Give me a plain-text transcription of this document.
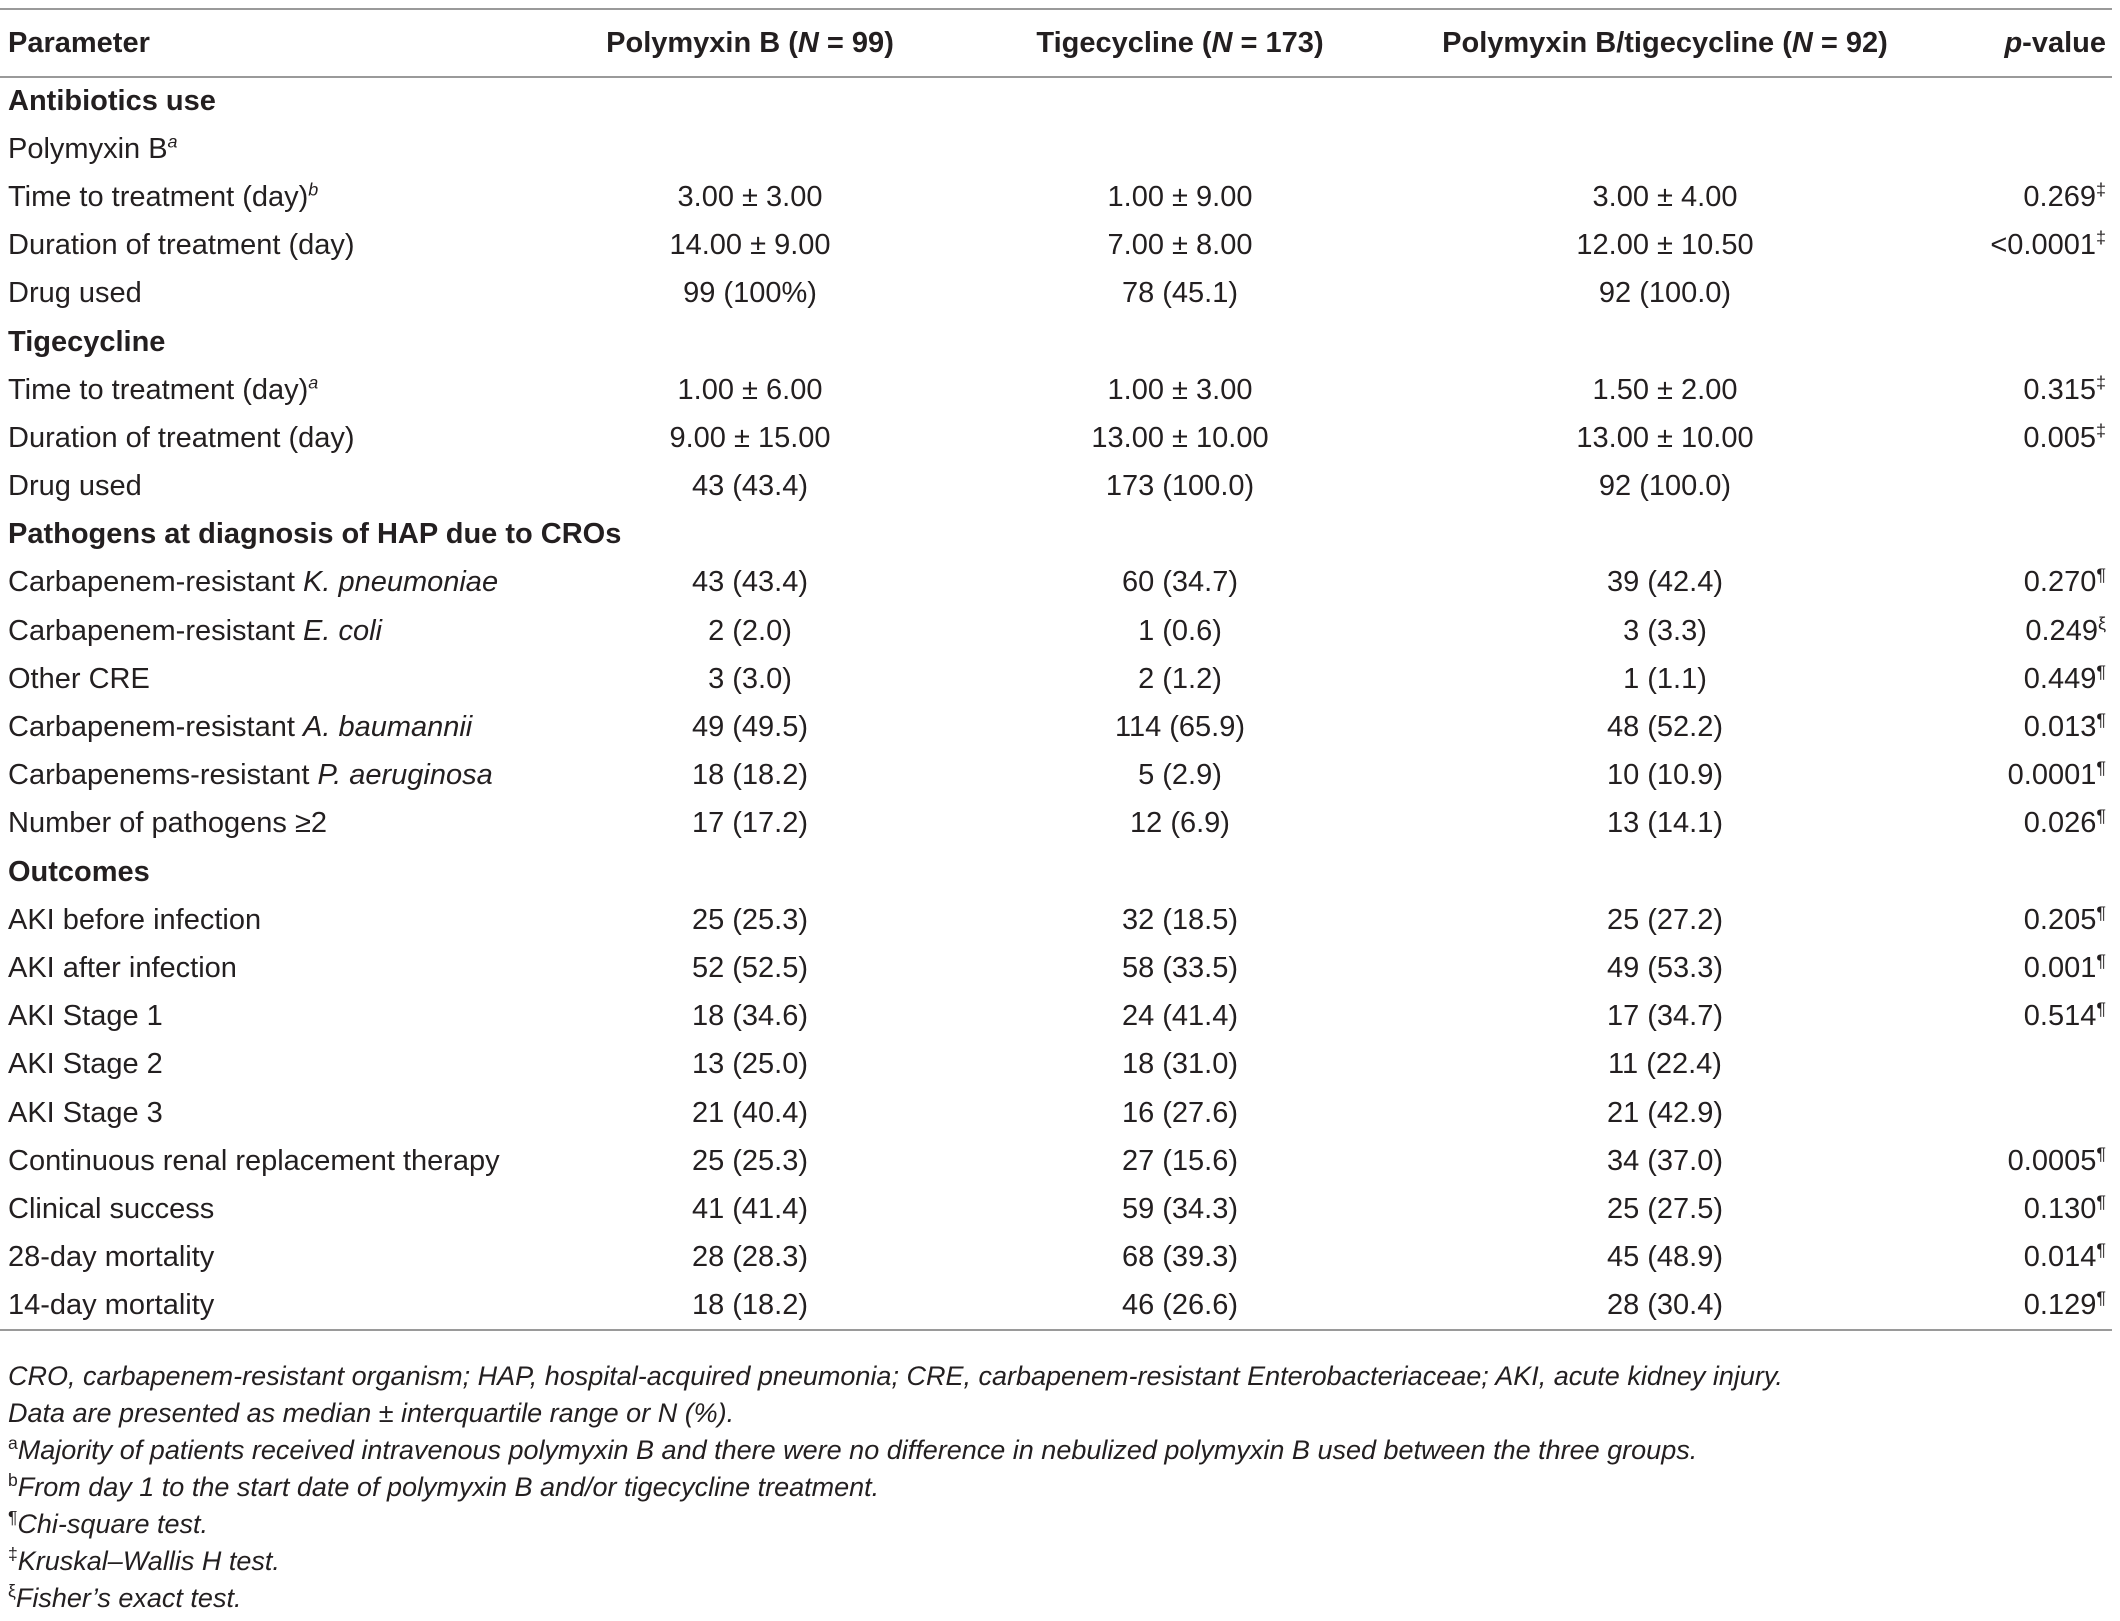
Parameter	Polymyxin B (N = 99)	Tigecycline (N = 173)	Polymyxin B/tigecycline (N = 92)	p-value
Antibiotics use				
Polymyxin $B^a$				
Time to treatment (day)$^b$	3.00 ± 3.00	1.00 ± 9.00	3.00 ± 4.00	0.269‡
Duration of treatment (day)	14.00 ± 9.00	7.00 ± 8.00	12.00 ± 10.50	<0.0001‡
Drug used	99 (100%)	78 (45.1)	92 (100.0)	
Tigecycline				
Time to treatment (day)$^a$	1.00 ± 6.00	1.00 ± 3.00	1.50 ± 2.00	0.315‡
Duration of treatment (day)	9.00 ± 15.00	13.00 ± 10.00	13.00 ± 10.00	0.005‡
Drug used	43 (43.4)	173 (100.0)	92 (100.0)	
Pathogens at diagnosis of HAP due to CROs				
Carbapenem-resistant K. pneumoniae	43 (43.4)	60 (34.7)	39 (42.4)	0.270¶
Carbapenem-resistant E. coli	2 (2.0)	1 (0.6)	3 (3.3)	$0.249^\xi$
Other CRE	3 (3.0)	2 (1.2)	1 (1.1)	0.449¶
Carbapenem-resistant A. baumannii	49 (49.5)	114 (65.9)	48 (52.2)	0.013¶
Carbapenems-resistant P. aeruginosa	18 (18.2)	5 (2.9)	10 (10.9)	0.0001¶
Number of pathogens ≥2	17 (17.2)	12 (6.9)	13 (14.1)	0.026¶
Outcomes				
AKI before infection	25 (25.3)	32 (18.5)	25 (27.2)	0.205¶
AKI after infection	52 (52.5)	58 (33.5)	49 (53.3)	0.001¶
AKI Stage 1	18 (34.6)	24 (41.4)	17 (34.7)	0.514¶
AKI Stage 2	13 (25.0)	18 (31.0)	11 (22.4)	
AKI Stage 3	21 (40.4)	16 (27.6)	21 (42.9)	
Continuous renal replacement therapy	25 (25.3)	27 (15.6)	34 (37.0)	0.0005¶
Clinical success	41 (41.4)	59 (34.3)	25 (27.5)	0.130¶
28-day mortality	28 (28.3)	68 (39.3)	45 (48.9)	0.014¶
14-day mortality	18 (18.2)	46 (26.6)	28 (30.4)	0.129¶
CRO, carbapenem-resistant organism; HAP, hospital-acquired pneumonia; CRE, carbapenem-resistant Enterobacteriaceae; AKI, acute kidney injury.
Data are presented as median ± interquartile range or N (%).
$^a$Majority of patients received intravenous polymyxin B and there were no difference in nebulized polymyxin B used between the three groups.
$^b$From day 1 to the start date of polymyxin B and/or tigecycline treatment.
¶Chi-square test.
‡Kruskal–Wallis H test.
$^\xi$Fisher’s exact test.
